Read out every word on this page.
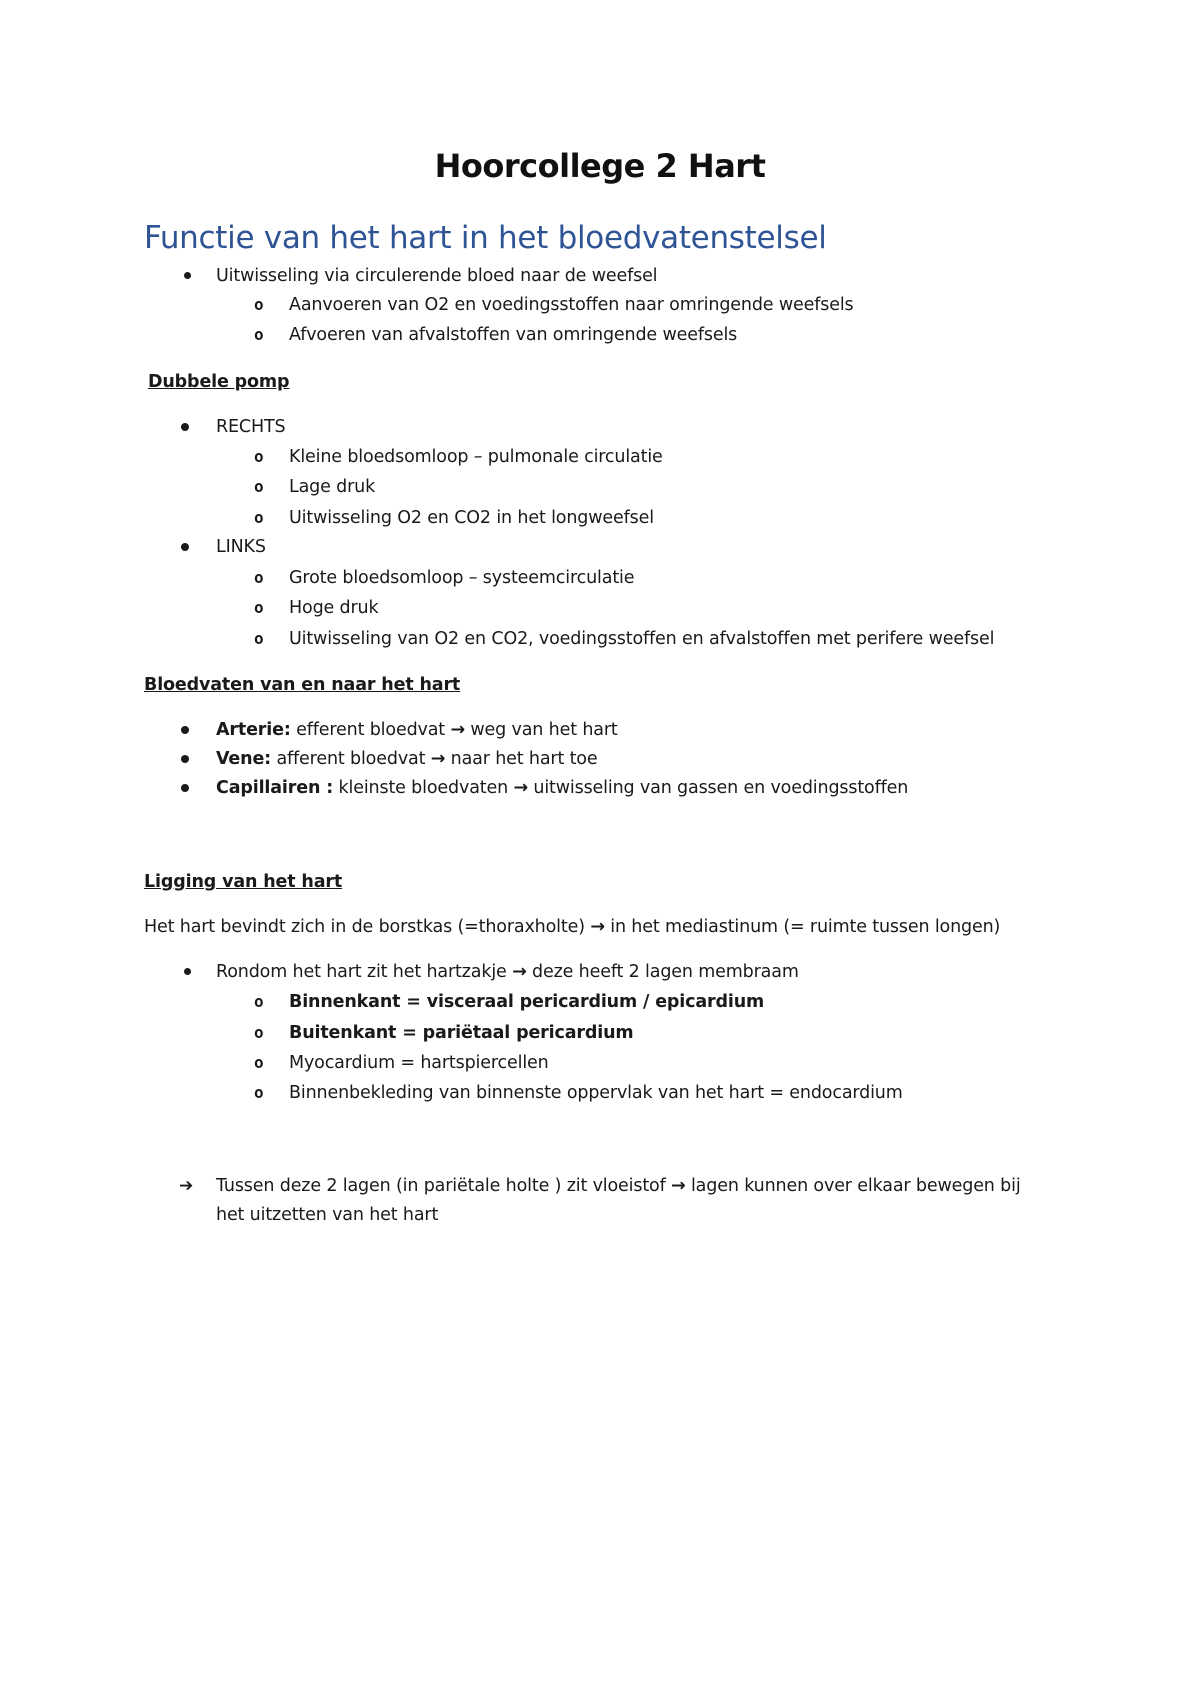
Hoorcollege 2 Hart
Functie van het hart in het bloedvatenstelsel
Uitwisseling via circulerende bloed naar de weefsel
o Aanvoeren van O2 en voedingsstoffen naar omringende weefsels
o Afvoeren van afvalstoffen van omringende weefsels
Dubbele pomp
RECHTS
o Kleine bloedsomloop – pulmonale circulatie
o Lage druk
o Uitwisseling O2 en CO2 in het longweefsel
LINKS
o Grote bloedsomloop – systeemcirculatie
o Hoge druk
o Uitwisseling van O2 en CO2, voedingsstoffen en afvalstoffen met perifere weefsel
Bloedvaten van en naar het hart
Arterie: efferent bloedvat → weg van het hart
Vene: afferent bloedvat → naar het hart toe
Capillairen : kleinste bloedvaten → uitwisseling van gassen en voedingsstoffen
Ligging van het hart
Het hart bevindt zich in de borstkas (=thoraxholte) → in het mediastinum (= ruimte tussen longen)
Rondom het hart zit het hartzakje → deze heeft 2 lagen membraam
o Binnenkant = visceraal pericardium / epicardium
o Buitenkant = pariëtaal pericardium
o Myocardium = hartspiercellen
o Binnenbekleding van binnenste oppervlak van het hart = endocardium
➔ Tussen deze 2 lagen (in pariëtale holte ) zit vloeistof → lagen kunnen over elkaar bewegen bij
het uitzetten van het hart
